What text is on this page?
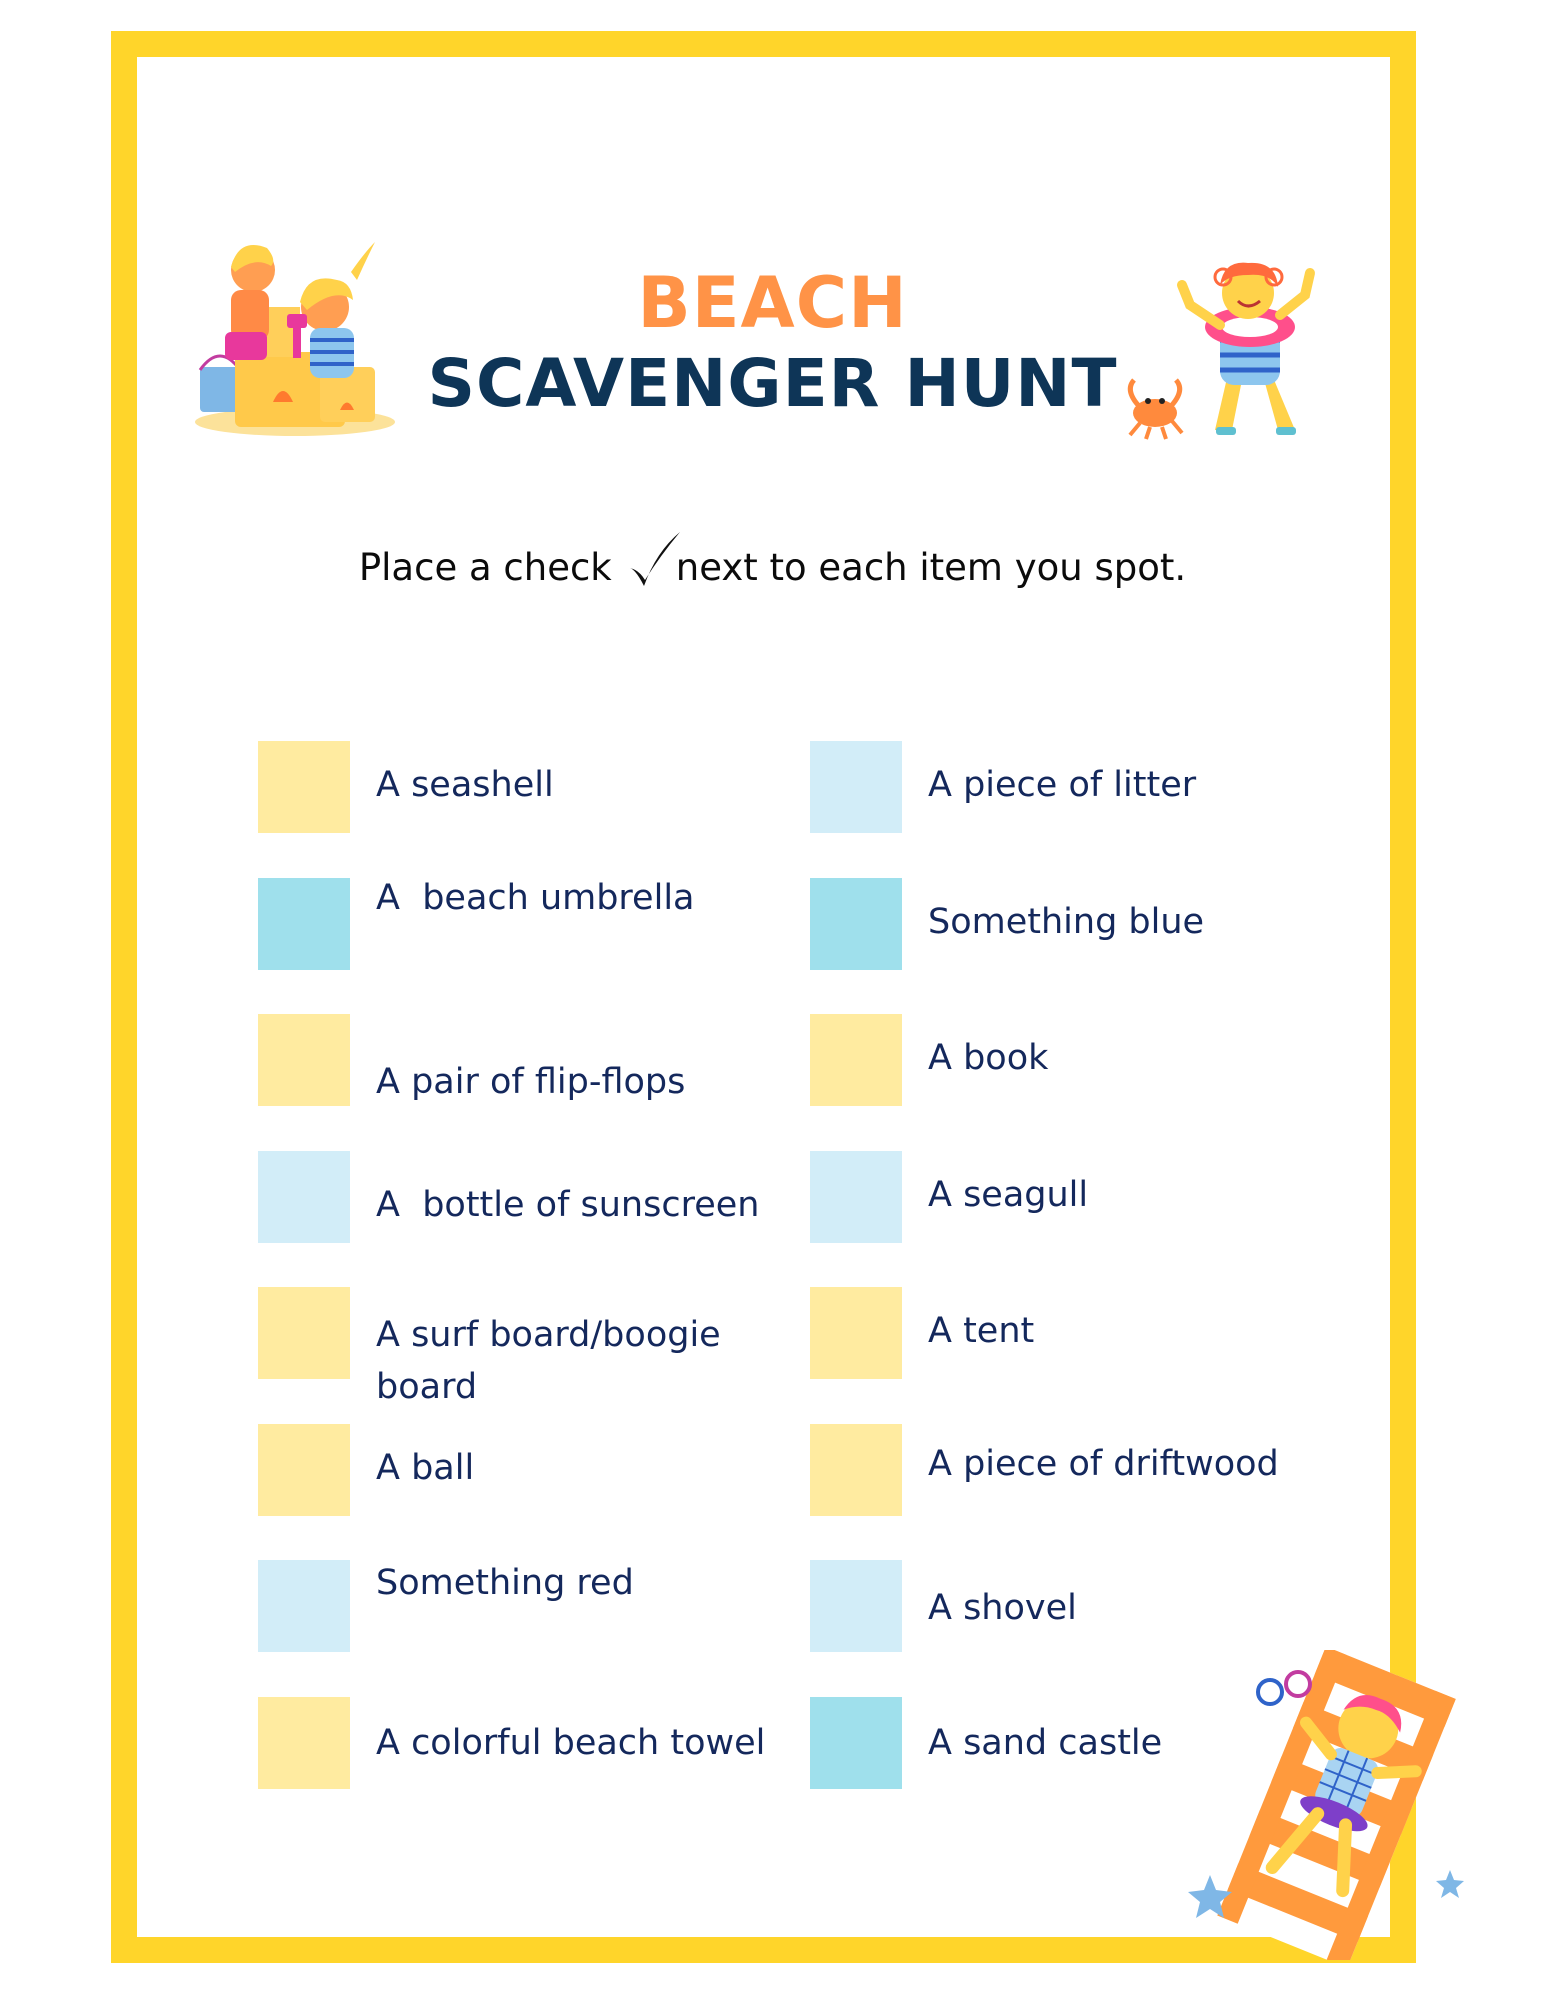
BEACH
SCAVENGER HUNT
Place a check next to each item you spot.
A seashell
A  beach umbrella
A pair of flip-flops
A  bottle of sunscreen
A surf board/boogie board
A ball
Something red
A colorful beach towel
A piece of litter
Something blue
A book
A seagull
A tent
A piece of driftwood
A shovel
A sand castle
